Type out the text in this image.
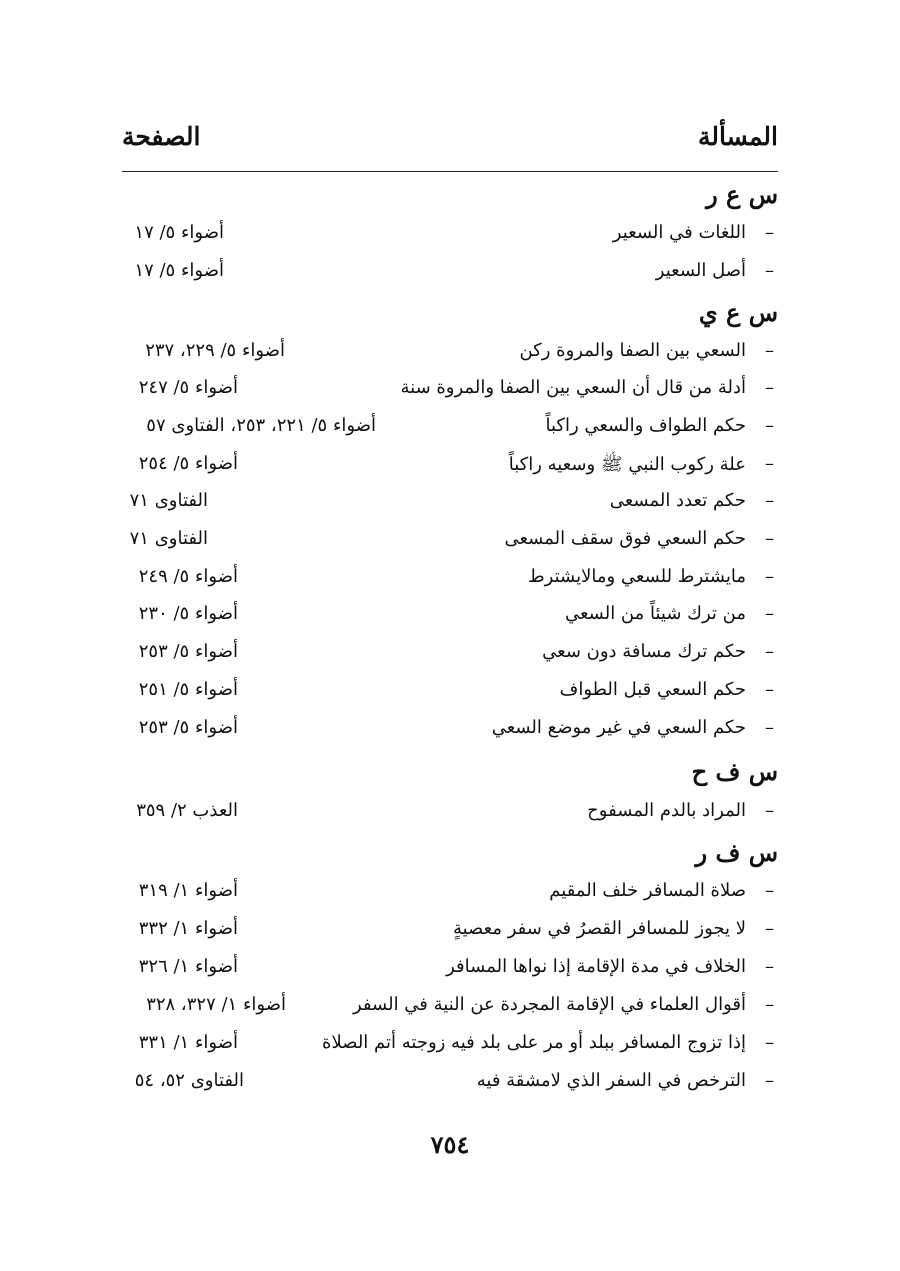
المسألة
الصفحة
س ع ر
–
اللغات في السعير
أضواء ٥/ ١٧
–
أصل السعير
أضواء ٥/ ١٧
س ع ي
–
السعي بين الصفا والمروة ركن
أضواء ٥/ ٢٢٩، ٢٣٧
–
أدلة من قال أن السعي بين الصفا والمروة سنة
أضواء ٥/ ٢٤٧
–
حكم الطواف والسعي راكباً
أضواء ٥/ ٢٢١، ٢٥٣، الفتاوى ٥٧
–
علة ركوب النبي ﷺ وسعيه راكباً
أضواء ٥/ ٢٥٤
–
حكم تعدد المسعى
الفتاوى ٧١
–
حكم السعي فوق سقف المسعى
الفتاوى ٧١
–
مايشترط للسعي ومالايشترط
أضواء ٥/ ٢٤٩
–
من ترك شيئاً من السعي
أضواء ٥/ ٢٣٠
–
حكم ترك مسافة دون سعي
أضواء ٥/ ٢٥٣
–
حكم السعي قبل الطواف
أضواء ٥/ ٢٥١
–
حكم السعي في غير موضع السعي
أضواء ٥/ ٢٥٣
س ف ح
–
المراد بالدم المسفوح
العذب ٢/ ٣٥٩
س ف ر
–
صلاة المسافر خلف المقيم
أضواء ١/ ٣١٩
–
لا يجوز للمسافر القصرُ في سفر معصيةٍ
أضواء ١/ ٣٣٢
–
الخلاف في مدة الإقامة إذا نواها المسافر
أضواء ١/ ٣٢٦
–
أقوال العلماء في الإقامة المجردة عن النية في السفر
أضواء ١/ ٣٢٧، ٣٢٨
–
إذا تزوج المسافر ببلد أو مر على بلد فيه زوجته أتم الصلاة
أضواء ١/ ٣٣١
–
الترخص في السفر الذي لامشقة فيه
الفتاوى ٥٢، ٥٤
٧٥٤
